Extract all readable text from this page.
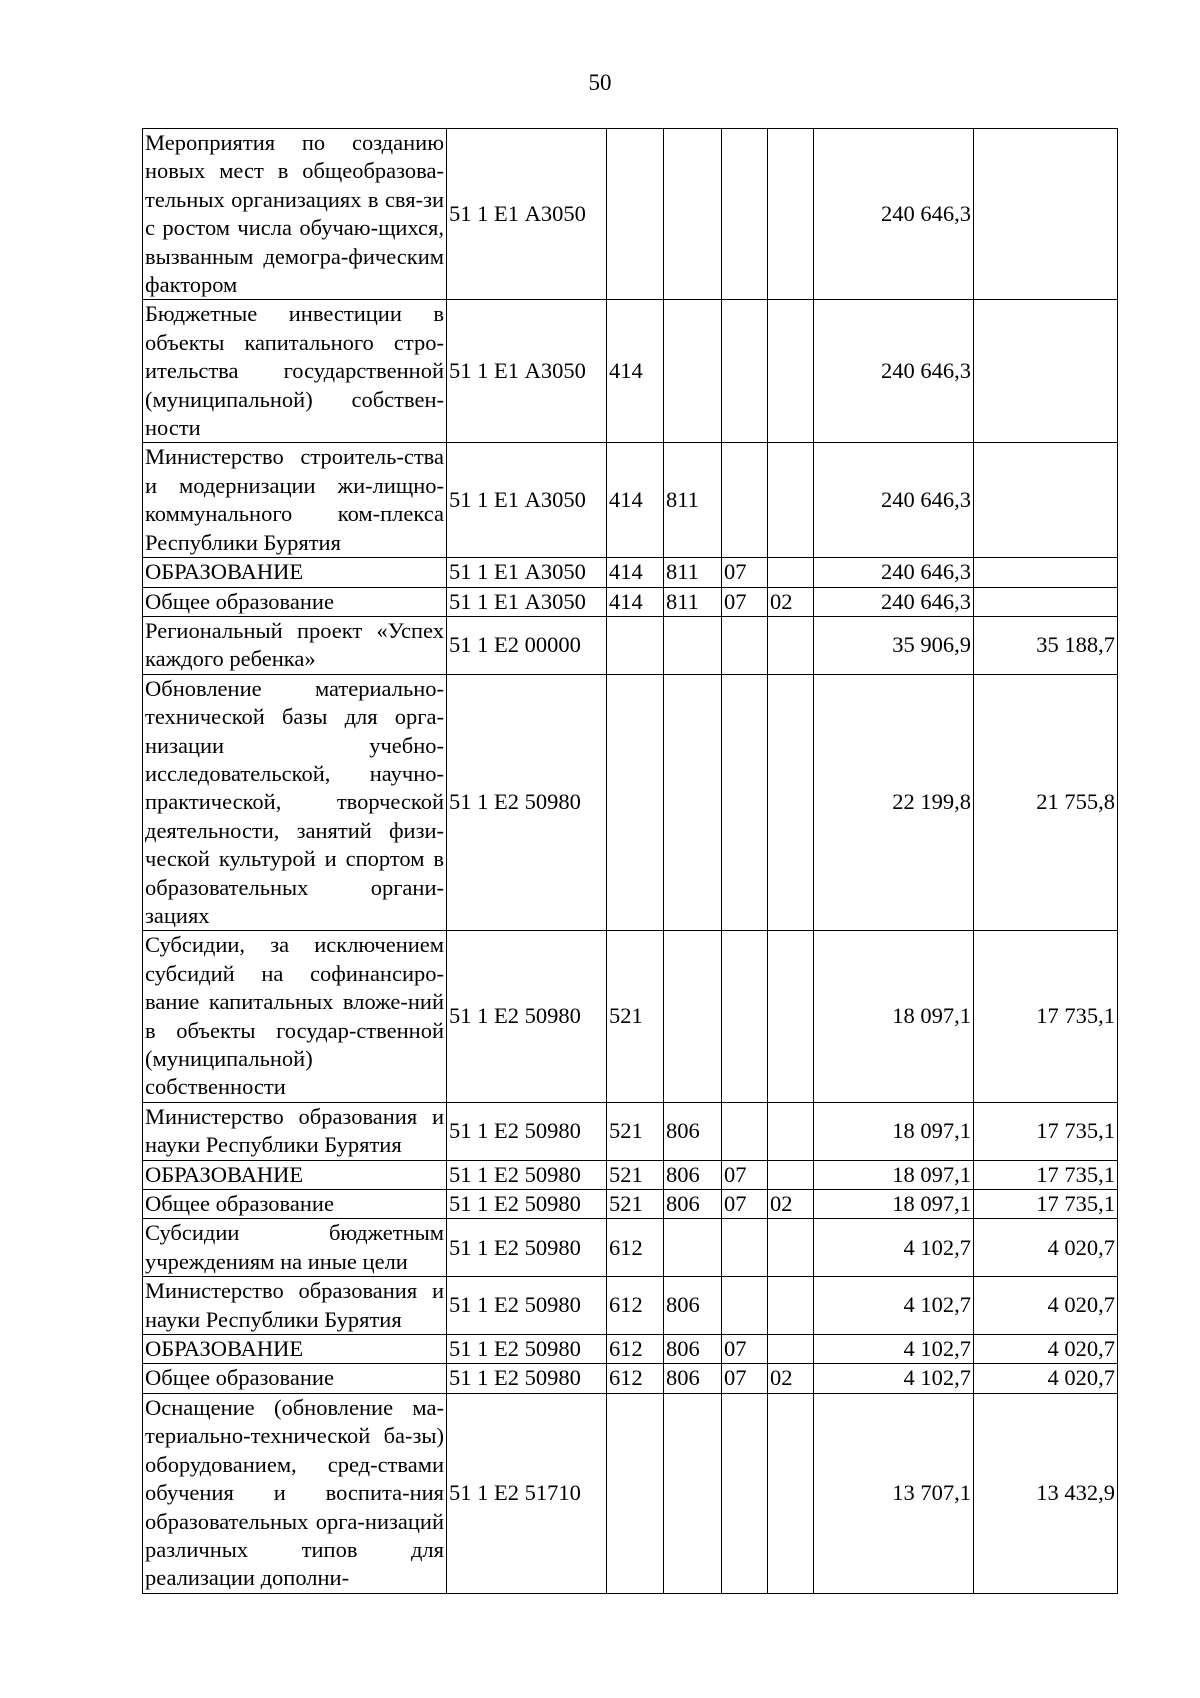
50
Мероприятия по созданию новых мест в общеобразова-тельных организациях в свя-зи с ростом числа обучаю-щихся, вызванным демогра-фическим фактором	51 1 Е1 А3050					240 646,3	
Бюджетные инвестиции в объекты капитального стро-ительства государственной (муниципальной) собствен-ности	51 1 Е1 А3050	414				240 646,3	
Министерство строитель-ства и модернизации жи-лищно-коммунального ком-плекса Республики Бурятия	51 1 Е1 А3050	414	811			240 646,3	
ОБРАЗОВАНИЕ	51 1 Е1 А3050	414	811	07		240 646,3	
Общее образование	51 1 Е1 А3050	414	811	07	02	240 646,3	
Региональный проект «Успех каждого ребенка»	51 1 Е2 00000					35 906,9	35 188,7
Обновление материально-технической базы для орга-низации учебно-исследовательской, научно-практической, творческой деятельности, занятий физи-ческой культурой и спортом в образовательных органи-зациях	51 1 Е2 50980					22 199,8	21 755,8
Субсидии, за исключением субсидий на софинансиро-вание капитальных вложе-ний в объекты государ-ственной (муниципальной) собственности	51 1 Е2 50980	521				18 097,1	17 735,1
Министерство образования и науки Республики Бурятия	51 1 Е2 50980	521	806			18 097,1	17 735,1
ОБРАЗОВАНИЕ	51 1 Е2 50980	521	806	07		18 097,1	17 735,1
Общее образование	51 1 Е2 50980	521	806	07	02	18 097,1	17 735,1
Субсидии бюджетным учреждениям на иные цели	51 1 Е2 50980	612				4 102,7	4 020,7
Министерство образования и науки Республики Бурятия	51 1 Е2 50980	612	806			4 102,7	4 020,7
ОБРАЗОВАНИЕ	51 1 Е2 50980	612	806	07		4 102,7	4 020,7
Общее образование	51 1 Е2 50980	612	806	07	02	4 102,7	4 020,7
Оснащение (обновление ма-териально-технической ба-зы) оборудованием, сред-ствами обучения и воспита-ния образовательных орга-низаций различных типов для реализации дополни-	51 1 Е2 51710					13 707,1	13 432,9
